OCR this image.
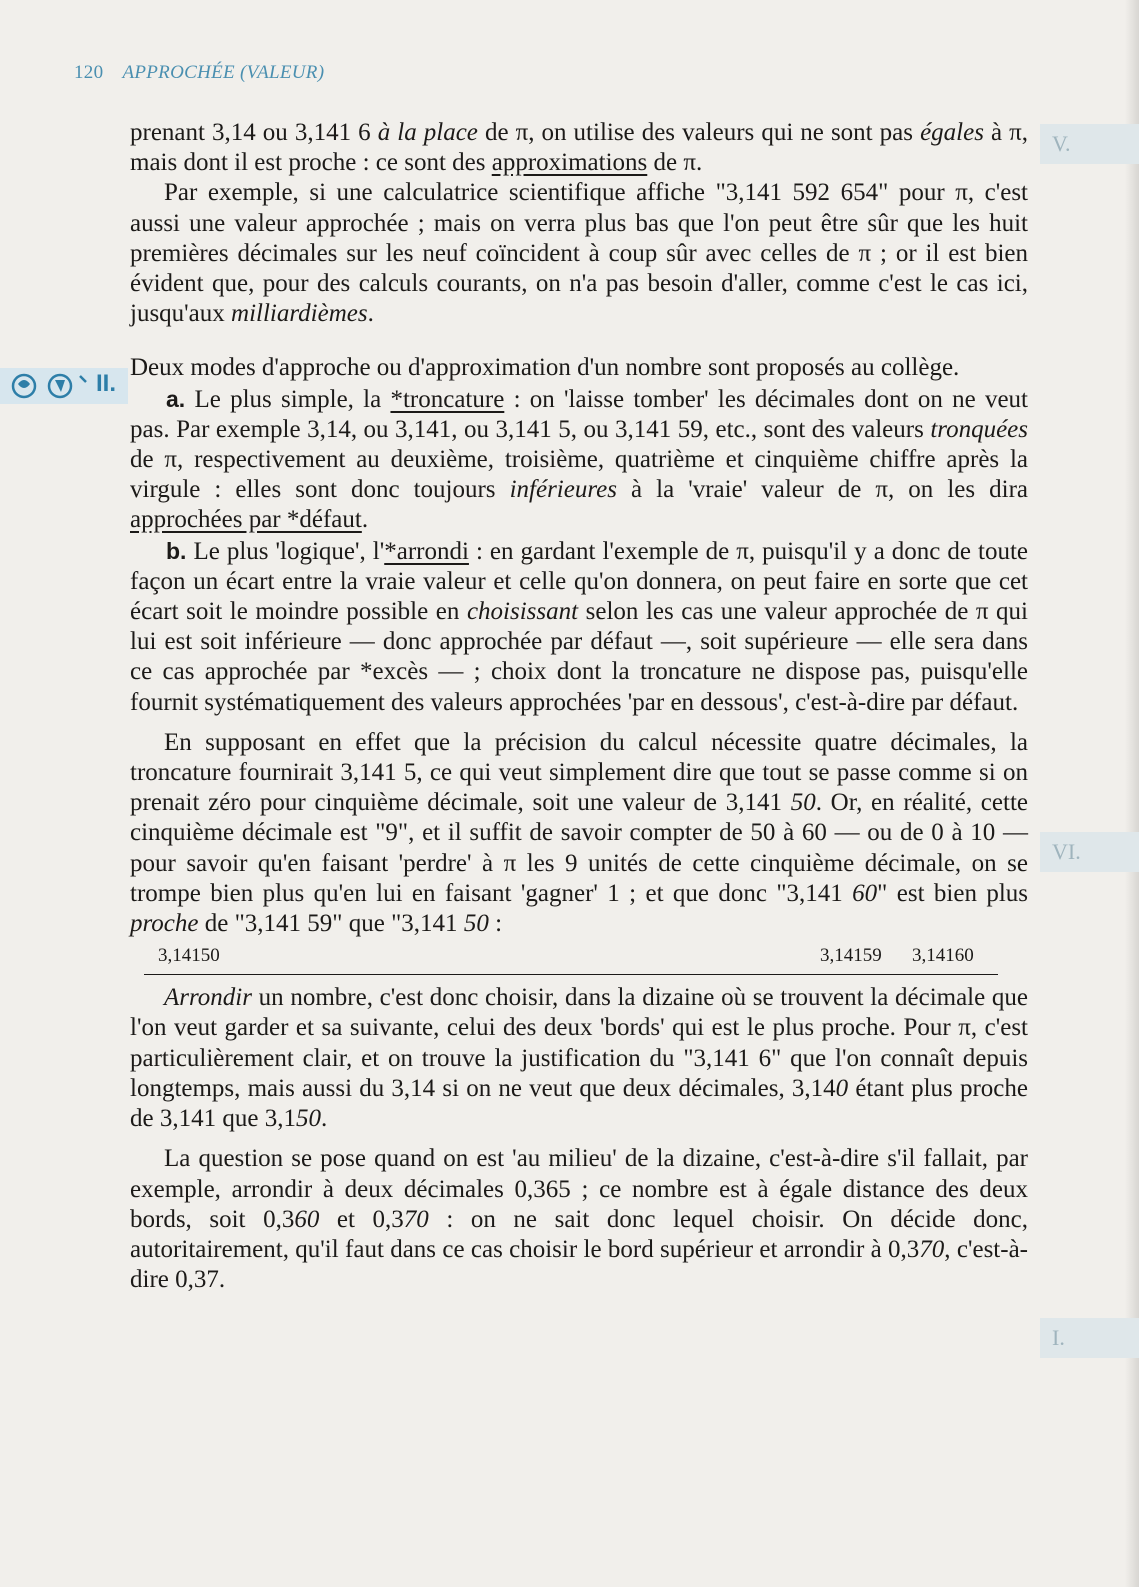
120 APPROCHÉE (VALEUR)
V.
VI.
I.
II.

prenant 3,14 ou 3,141 6 à la place de π, on utilise des valeurs qui ne sont pas égales à π, mais dont il est proche : ce sont des approximations de π.

Par exemple, si une calculatrice scientifique affiche "3,141 592 654" pour π, c'est aussi une valeur approchée ; mais on verra plus bas que l'on peut être sûr que les huit premières décimales sur les neuf coïncident à coup sûr avec celles de π ; or il est bien évident que, pour des calculs courants, on n'a pas besoin d'aller, comme c'est le cas ici, jusqu'aux milliardièmes.

Deux modes d'approche ou d'approximation d'un nombre sont proposés au collège.

a. Le plus simple, la *troncature : on 'laisse tomber' les décimales dont on ne veut pas. Par exemple 3,14, ou 3,141, ou 3,141 5, ou 3,141 59, etc., sont des valeurs tronquées de π, respectivement au deuxième, troisième, quatrième et cinquième chiffre après la virgule : elles sont donc toujours inférieures à la 'vraie' valeur de π, on les dira approchées par *défaut.

b. Le plus 'logique', l'*arrondi : en gardant l'exemple de π, puisqu'il y a donc de toute façon un écart entre la vraie valeur et celle qu'on donnera, on peut faire en sorte que cet écart soit le moindre possible en choisissant selon les cas une valeur approchée de π qui lui est soit inférieure — donc approchée par défaut —, soit supérieure — elle sera dans ce cas approchée par *excès — ; choix dont la troncature ne dispose pas, puisqu'elle fournit systématiquement des valeurs approchées 'par en dessous', c'est-à-dire par défaut.

En supposant en effet que la précision du calcul nécessite quatre décimales, la troncature fournirait 3,141 5, ce qui veut simplement dire que tout se passe comme si on prenait zéro pour cinquième décimale, soit une valeur de 3,141 50. Or, en réalité, cette cinquième décimale est "9", et il suffit de savoir compter de 50 à 60 — ou de 0 à 10 — pour savoir qu'en faisant 'perdre' à π les 9 unités de cette cinquième décimale, on se trompe bien plus qu'en lui en faisant 'gagner' 1 ; et que donc "3,141 60" est bien plus proche de "3,141 59" que "3,141 50 :

3,14150	3,14159 3,14160

Arrondir un nombre, c'est donc choisir, dans la dizaine où se trouvent la décimale que l'on veut garder et sa suivante, celui des deux 'bords' qui est le plus proche. Pour π, c'est particulièrement clair, et on trouve la justification du "3,141 6" que l'on connaît depuis longtemps, mais aussi du 3,14 si on ne veut que deux décimales, 3,140 étant plus proche de 3,141 que 3,150.

La question se pose quand on est 'au milieu' de la dizaine, c'est-à-dire s'il fallait, par exemple, arrondir à deux décimales 0,365 ; ce nombre est à égale distance des deux bords, soit 0,360 et 0,370 : on ne sait donc lequel choisir. On décide donc, autoritairement, qu'il faut dans ce cas choisir le bord supérieur et arrondir à 0,370, c'est-à-dire 0,37.
